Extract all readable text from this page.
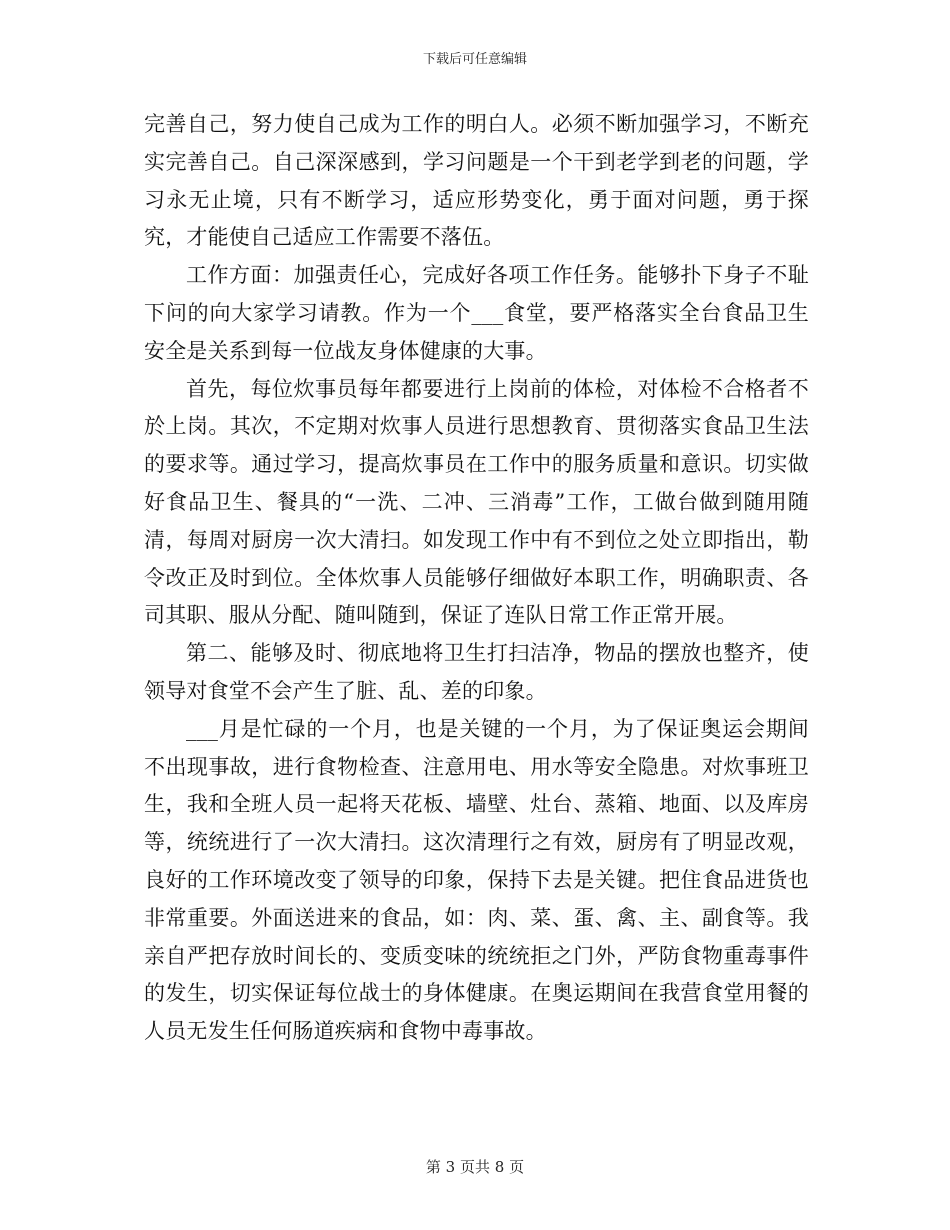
下载后可任意编辑

完善自己，努力使自己成为工作的明白人。必须不断加强学习，不断充实完善自己。自己深深感到，学习问题是一个干到老学到老的问题，学习永无止境，只有不断学习，适应形势变化，勇于面对问题，勇于探究，才能使自己适应工作需要不落伍。

工作方面：加强责任心，完成好各项工作任务。能够扑下身子不耻下问的向大家学习请教。作为一个___食堂，要严格落实全台食品卫生安全是关系到每一位战友身体健康的大事。

首先，每位炊事员每年都要进行上岗前的体检，对体检不合格者不於上岗。其次，不定期对炊事人员进行思想教育、贯彻落实食品卫生法的要求等。通过学习，提高炊事员在工作中的服务质量和意识。切实做好食品卫生、餐具的“一洗、二冲、三消毒”工作，工做台做到随用随清，每周对厨房一次大清扫。如发现工作中有不到位之处立即指出，勒令改正及时到位。全体炊事人员能够仔细做好本职工作，明确职责、各司其职、服从分配、随叫随到，保证了连队日常工作正常开展。

第二、能够及时、彻底地将卫生打扫洁净，物品的摆放也整齐，使领导对食堂不会产生了脏、乱、差的印象。

___月是忙碌的一个月，也是关键的一个月，为了保证奥运会期间不出现事故，进行食物检查、注意用电、用水等安全隐患。对炊事班卫生，我和全班人员一起将天花板、墙壁、灶台、蒸箱、地面、以及库房等，统统进行了一次大清扫。这次清理行之有效，厨房有了明显改观，良好的工作环境改变了领导的印象，保持下去是关键。把住食品进货也非常重要。外面送进来的食品，如：肉、菜、蛋、禽、主、副食等。我亲自严把存放时间长的、变质变味的统统拒之门外，严防食物重毒事件的发生，切实保证每位战士的身体健康。在奥运期间在我营食堂用餐的人员无发生任何肠道疾病和食物中毒事故。

第 3 页共 8 页
